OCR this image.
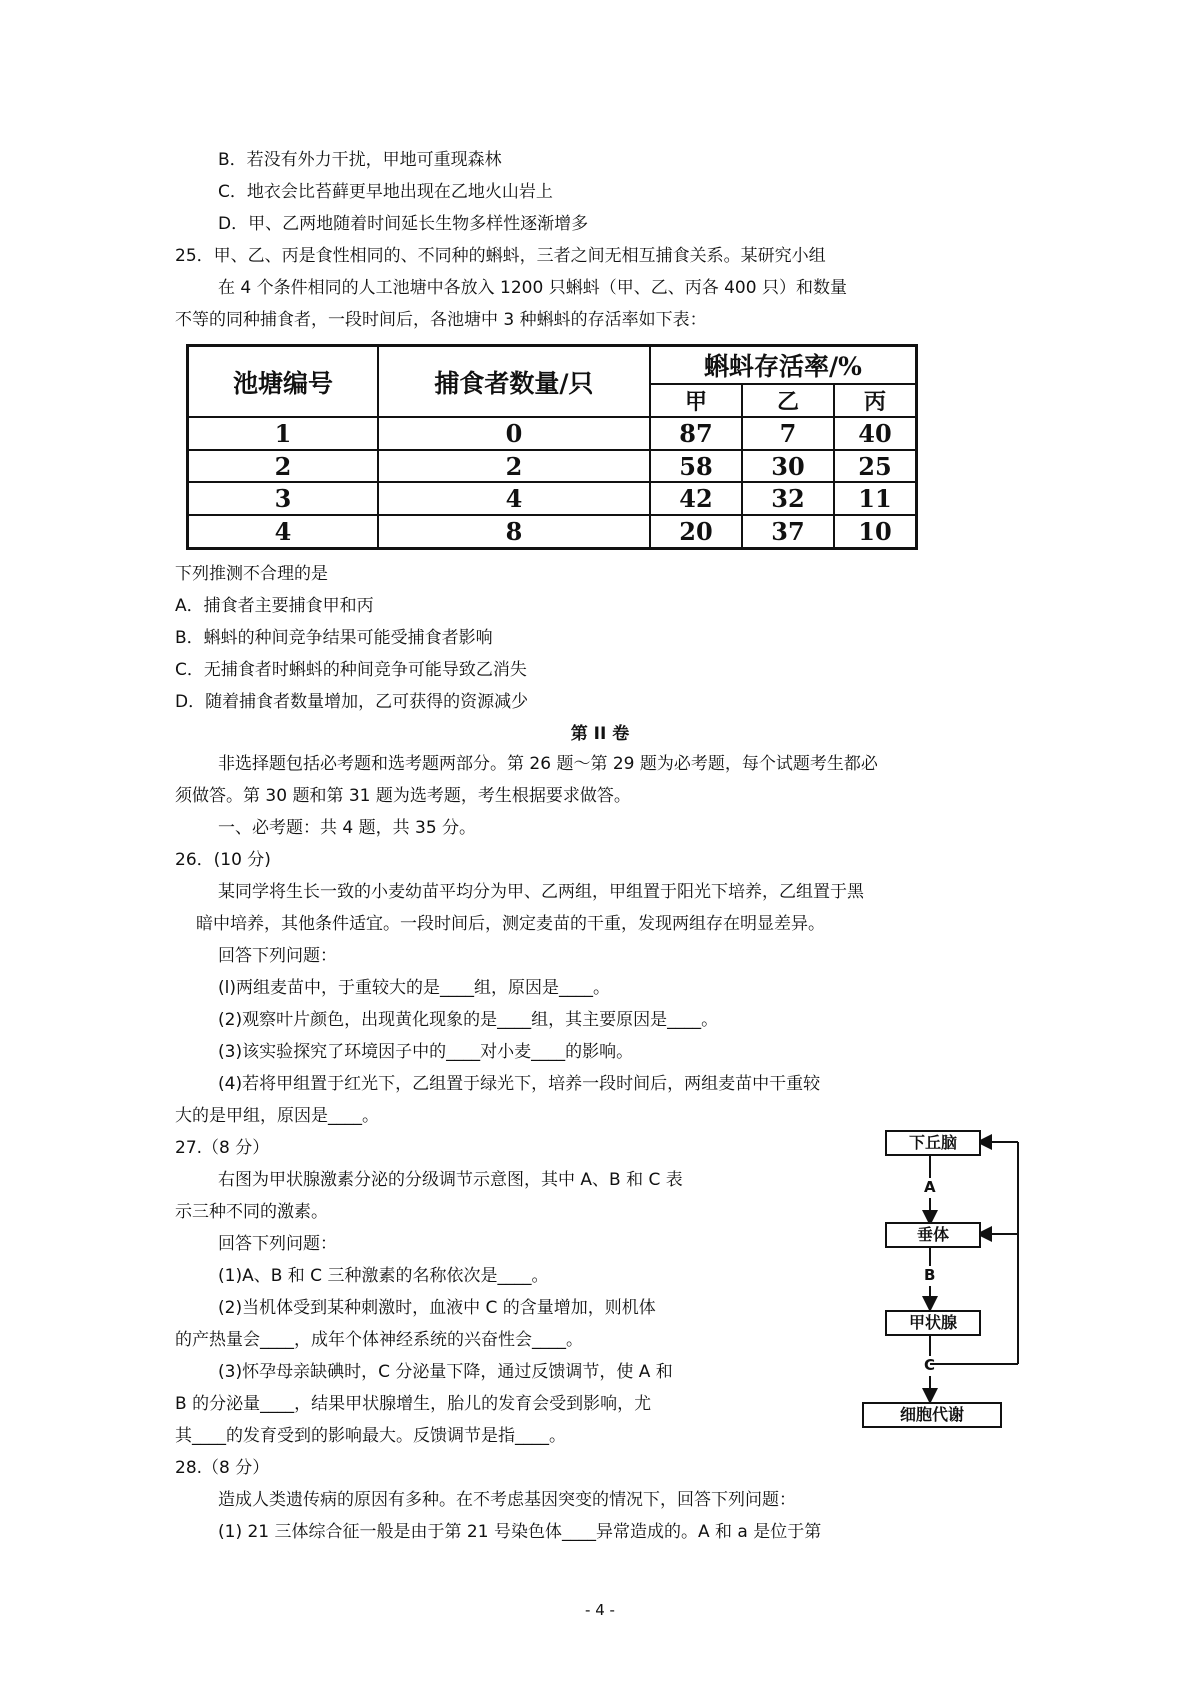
B．若没有外力干扰，甲地可重现森林
C．地衣会比苔藓更早地出现在乙地火山岩上
D．甲、乙两地随着时间延长生物多样性逐渐增多
25．甲、乙、丙是食性相同的、不同种的蝌蚪，三者之间无相互捕食关系。某研究小组
在 4 个条件相同的人工池塘中各放入 1200 只蝌蚪（甲、乙、丙各 400 只）和数量
不等的同种捕食者，一段时间后，各池塘中 3 种蝌蚪的存活率如下表：
池塘编号	捕食者数量/只	蝌蚪存活率/%		
		甲	乙	丙
1	0	87	7	40
2	2	58	30	25
3	4	42	32	11
4	8	20	37	10
下列推测不合理的是
A．捕食者主要捕食甲和丙
B．蝌蚪的种间竞争结果可能受捕食者影响
C．无捕食者时蝌蚪的种间竞争可能导致乙消失
D．随着捕食者数量增加，乙可获得的资源减少
第 II 卷
非选择题包括必考题和选考题两部分。第 26 题～第 29 题为必考题，每个试题考生都必
须做答。第 30 题和第 31 题为选考题，考生根据要求做答。
一、必考题：共 4 题，共 35 分。
26．(10 分)
某同学将生长一致的小麦幼苗平均分为甲、乙两组，甲组置于阳光下培养，乙组置于黑
暗中培养，其他条件适宜。一段时间后，测定麦苗的干重，发现两组存在明显差异。
回答下列问题：
(l)两组麦苗中，于重较大的是____组，原因是____。
(2)观察叶片颜色，出现黄化现象的是____组，其主要原因是____。
(3)该实验探究了环境因子中的____对小麦____的影响。
(4)若将甲组置于红光下，乙组置于绿光下，培养一段时间后，两组麦苗中干重较
大的是甲组，原因是____。
27.（8 分）
右图为甲状腺激素分泌的分级调节示意图，其中 A、B 和 C 表
示三种不同的激素。
回答下列问题：
(1)A、B 和 C 三种激素的名称依次是____。
(2)当机体受到某种刺激时，血液中 C 的含量增加，则机体
的产热量会____，成年个体神经系统的兴奋性会____。
(3)怀孕母亲缺碘时，C 分泌量下降，通过反馈调节，使 A 和
B 的分泌量____，结果甲状腺增生，胎儿的发育会受到影响，尤
其____的发育受到的影响最大。反馈调节是指____。
下丘脑
A
垂体
B
甲状腺
C
细胞代谢
28.（8 分）
造成人类遗传病的原因有多种。在不考虑基因突变的情况下，回答下列问题：
(1) 21 三体综合征一般是由于第 21 号染色体____异常造成的。A 和 a 是位于第
- 4 -
